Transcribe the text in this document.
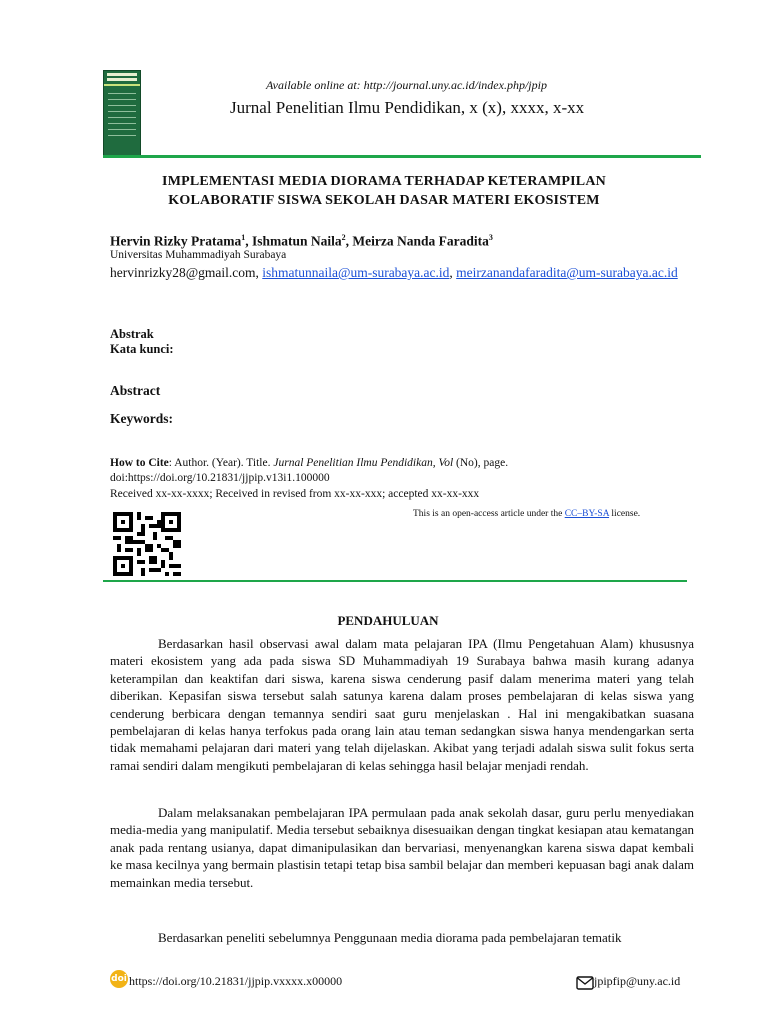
Available online at: http://journal.uny.ac.id/index.php/jpip
Jurnal Penelitian Ilmu Pendidikan, x (x), xxxx, x-xx
IMPLEMENTASI MEDIA DIORAMA TERHADAP KETERAMPILAN
KOLABORATIF SISWA SEKOLAH DASAR MATERI EKOSISTEM
Hervin Rizky Pratama$^1$, Ishmatun Naila$^2$, Meirza Nanda Faradita$^3$
Universitas Muhammadiyah Surabaya
hervinrizky28@gmail.com, ishmatunnaila@um-surabaya.ac.id, meirzanandafaradita@um-surabaya.ac.id
Abstrak
Kata kunci:
Abstract
Keywords:
How to Cite: Author. (Year). Title. Jurnal Penelitian Ilmu Pendidikan, Vol (No), page. doi:https://doi.org/10.21831/jjpip.v13i1.100000
Received xx-xx-xxxx; Received in revised from xx-xx-xxx; accepted xx-xx-xxx
This is an open-access article under the CC–BY-SA license.
PENDAHULUAN
Berdasarkan hasil observasi awal dalam mata pelajaran IPA (Ilmu Pengetahuan Alam) khususnya materi ekosistem yang ada pada siswa SD Muhammadiyah 19 Surabaya bahwa masih kurang adanya keterampilan dan keaktifan dari siswa, karena siswa cenderung pasif dalam menerima materi yang telah diberikan. Kepasifan siswa tersebut salah satunya karena dalam proses pembelajaran di kelas siswa yang cenderung berbicara dengan temannya sendiri saat guru menjelaskan . Hal ini mengakibatkan suasana pembelajaran di kelas hanya terfokus pada orang lain atau teman sedangkan siswa hanya mendengarkan serta tidak memahami pelajaran dari materi yang telah dijelaskan. Akibat yang terjadi adalah siswa sulit fokus serta ramai sendiri dalam mengikuti pembelajaran di kelas sehingga hasil belajar menjadi rendah.
Dalam melaksanakan pembelajaran IPA permulaan pada anak sekolah dasar, guru perlu menyediakan media-media yang manipulatif. Media tersebut sebaiknya disesuaikan dengan tingkat kesiapan atau kematangan anak pada rentang usianya, dapat dimanipulasikan dan bervariasi, menyenangkan karena siswa dapat kembali ke masa kecilnya yang bermain plastisin tetapi tetap bisa sambil belajar dan memberi kepuasan bagi anak dalam memainkan media tersebut.
Berdasarkan peneliti sebelumnya Penggunaan media diorama pada pembelajaran tematik
doi https://doi.org/10.21831/jjpip.vxxxx.x00000	jpipfip@uny.ac.id
